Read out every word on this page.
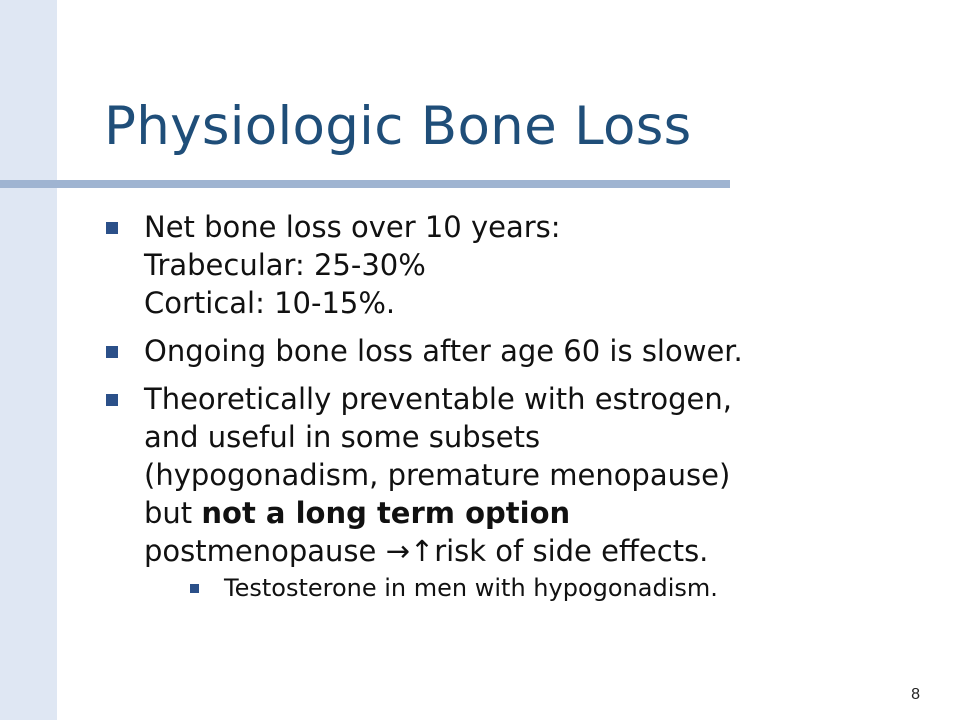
Physiologic Bone Loss
Net bone loss over 10 years:
Trabecular: 25-30%
Cortical: 10-15%.
Ongoing bone loss after age 60 is slower.
Theoretically preventable with estrogen,
and useful in some subsets
(hypogonadism, premature menopause)
but not a long term option
postmenopause →↑risk of side effects.
Testosterone in men with hypogonadism.
8
